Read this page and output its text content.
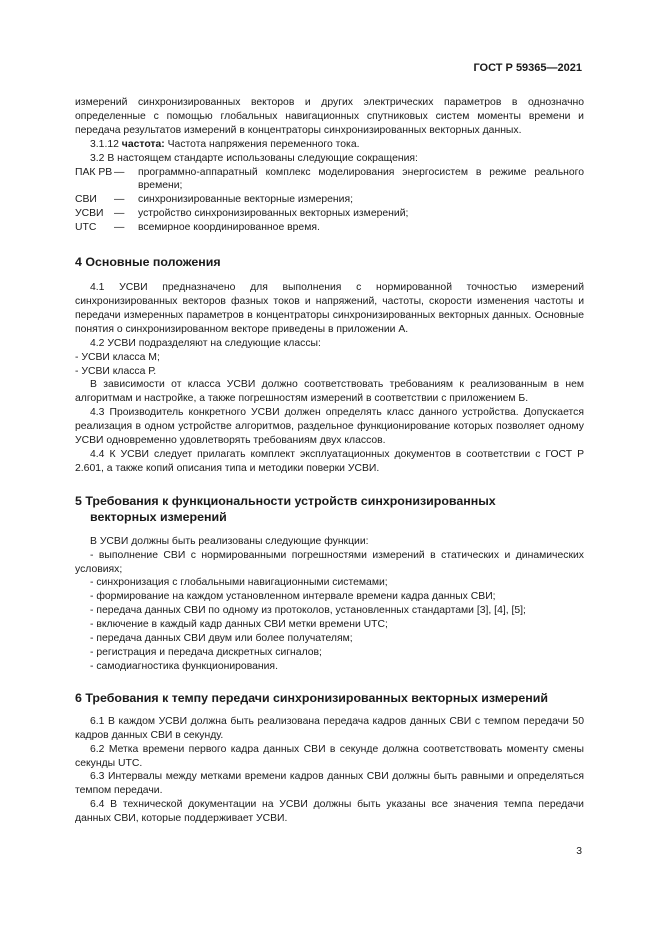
ГОСТ Р 59365—2021

измерений синхронизированных векторов и других электрических параметров в однозначно определенные с помощью глобальных навигационных спутниковых систем моменты времени и передача результатов измерений в концентраторы синхронизированных векторных данных.

3.1.12 частота: Частота напряжения переменного тока.

3.2 В настоящем стандарте использованы следующие сокращения:

ПАК РВ —	программно-аппаратный комплекс моделирования энергосистем в режиме реального времени;
СВИ	—	синхронизированные векторные измерения;
УСВИ	—	устройство синхронизированных векторных измерений;
UTC	—	всемирное координированное время.
4 Основные положения

4.1 УСВИ предназначено для выполнения с нормированной точностью измерений синхронизированных векторов фазных токов и напряжений, частоты, скорости изменения частоты и передачи измеренных параметров в концентраторы синхронизированных векторных данных. Основные понятия о синхронизированном векторе приведены в приложении А.

4.2 УСВИ подразделяют на следующие классы:

- УСВИ класса М;

- УСВИ класса Р.

В зависимости от класса УСВИ должно соответствовать требованиям к реализованным в нем алгоритмам и настройке, а также погрешностям измерений в соответствии с приложением Б.

4.3 Производитель конкретного УСВИ должен определять класс данного устройства. Допускается реализация в одном устройстве алгоритмов, раздельное функционирование которых позволяет одному УСВИ одновременно удовлетворять требованиям двух классов.

4.4 К УСВИ следует прилагать комплект эксплуатационных документов в соответствии с ГОСТ Р 2.601, а также копий описания типа и методики поверки УСВИ.

5 Требования к функциональности устройств синхронизированных
векторных измерений

В УСВИ должны быть реализованы следующие функции:

- выполнение СВИ с нормированными погрешностями измерений в статических и динамических условиях;

- синхронизация с глобальными навигационными системами;

- формирование на каждом установленном интервале времени кадра данных СВИ;

- передача данных СВИ по одному из протоколов, установленных стандартами [3], [4], [5];

- включение в каждый кадр данных СВИ метки времени UTC;

- передача данных СВИ двум или более получателям;

- регистрация и передача дискретных сигналов;

- самодиагностика функционирования.

6 Требования к темпу передачи синхронизированных векторных измерений

6.1 В каждом УСВИ должна быть реализована передача кадров данных СВИ с темпом передачи 50 кадров данных СВИ в секунду.

6.2 Метка времени первого кадра данных СВИ в секунде должна соответствовать моменту смены секунды UTC.

6.3 Интервалы между метками времени кадров данных СВИ должны быть равными и определяться темпом передачи.

6.4 В технической документации на УСВИ должны быть указаны все значения темпа передачи данных СВИ, которые поддерживает УСВИ.

3
